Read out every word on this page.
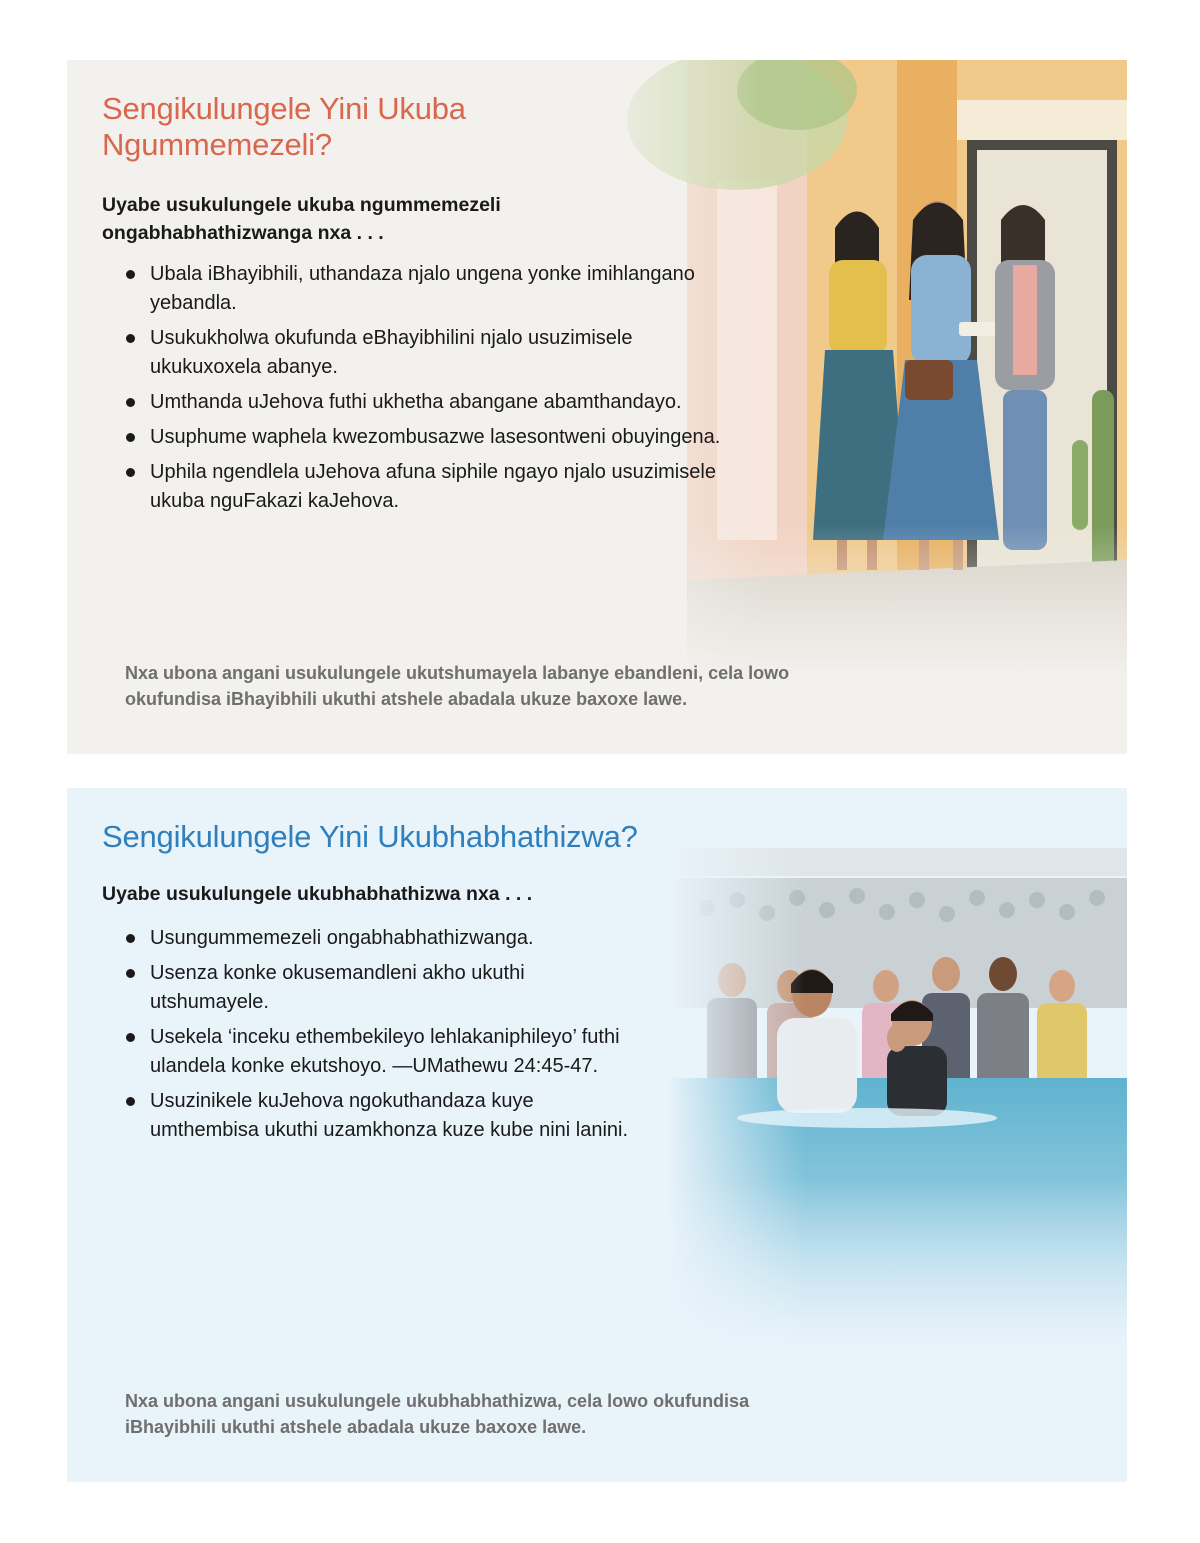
Sengikulungele Yini Ukuba Ngummemezeli?

Uyabe usukulungele ukuba ngummemezeli ongabhabhathizwanga nxa . . .

Ubala iBhayibhili, uthandaza njalo ungena yonke imihlangano yebandla.
Usukukholwa okufunda eBhayibhilini njalo usuzimisele ukukuxoxela abanye.
Umthanda uJehova futhi ukhetha abangane abamthandayo.
Usuphume waphela kwezombusazwe lasesontweni obuyingena.
Uphila ngendlela uJehova afuna siphile ngayo njalo usuzimisele ukuba nguFakazi kaJehova.

Nxa ubona angani usukulungele ukutshumayela labanye ebandleni, cela lowo okufundisa iBhayibhili ukuthi atshele abadala ukuze baxoxe lawe.

Sengikulungele Yini Ukubhabhathizwa?

Uyabe usukulungele ukubhabhathizwa nxa . . .

Usungummemezeli ongabhabhathizwanga.
Usenza konke okusemandleni akho ukuthi utshumayele.
Usekela ‘inceku ethembekileyo lehlakaniphileyo’ futhi ulandela konke ekutshoyo. —UMathewu 24:45-47.
Usuzinikele kuJehova ngokuthandaza kuye umthembisa ukuthi uzamkhonza kuze kube nini lanini.

Nxa ubona angani usukulungele ukubhabhathizwa, cela lowo okufundisa iBhayibhili ukuthi atshele abadala ukuze baxoxe lawe.
